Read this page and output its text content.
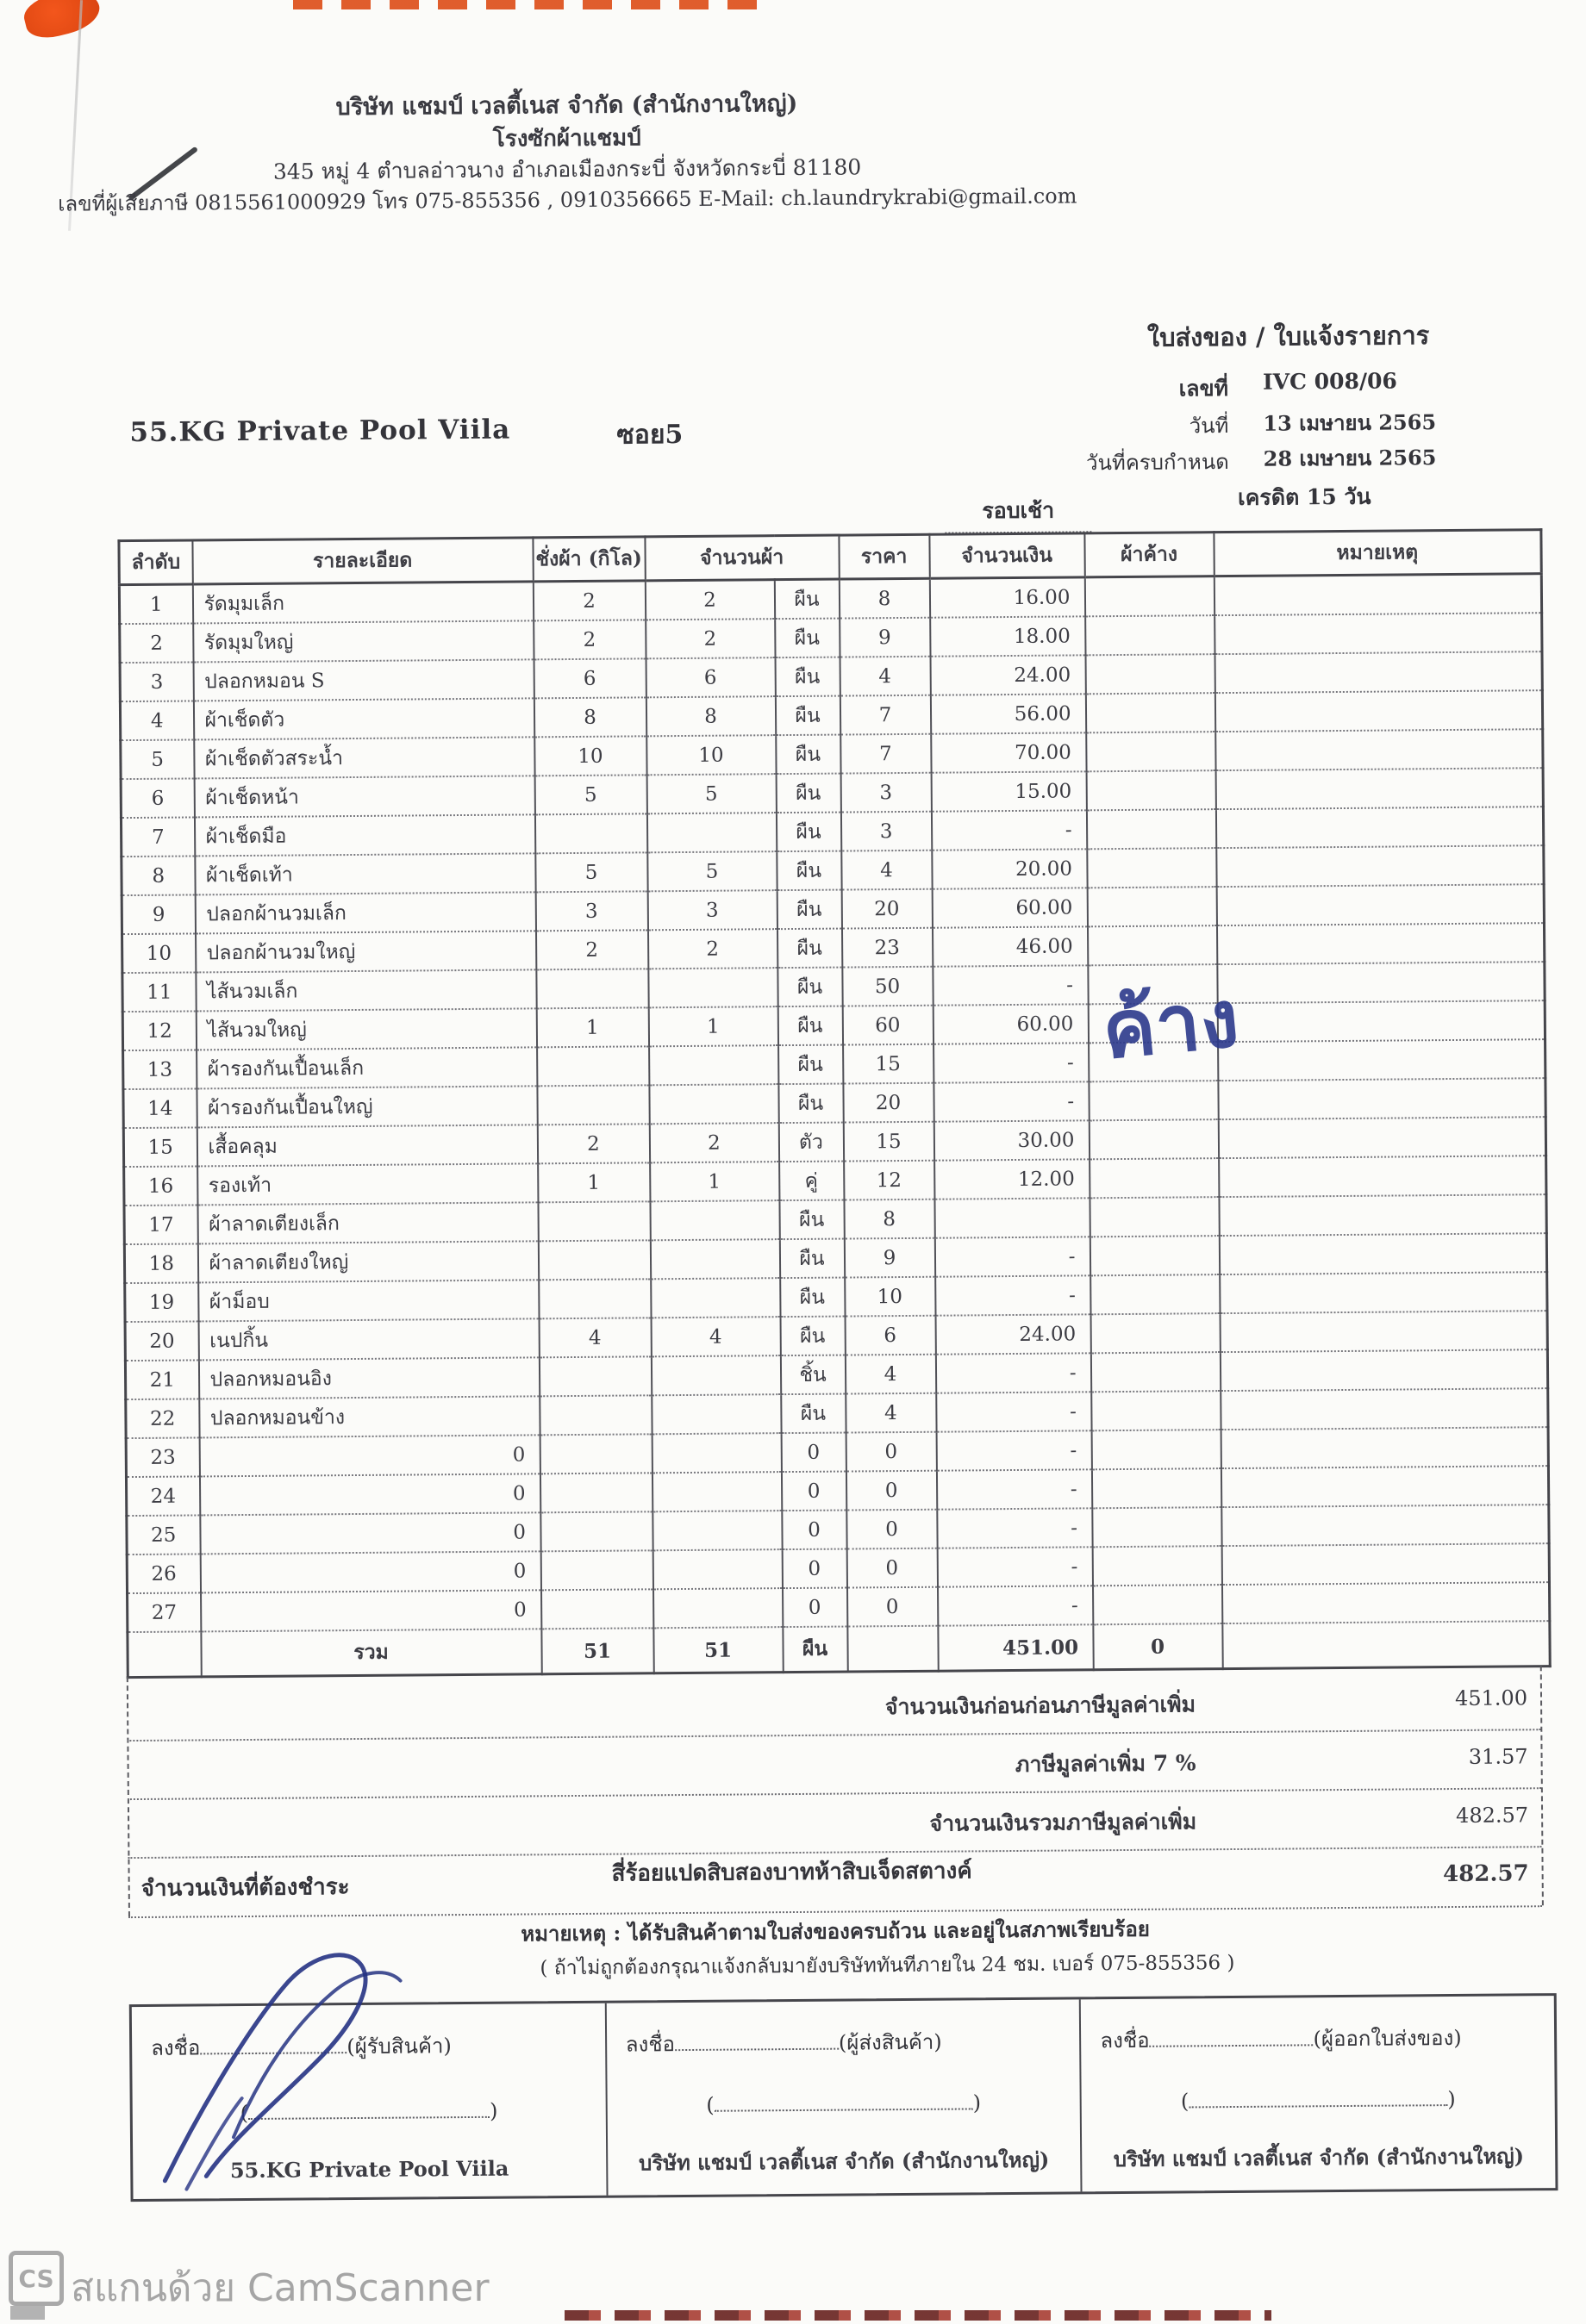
บริษัท แชมป์ เวลตี้เนส จำกัด (สำนักงานใหญ่)
โรงซักผ้าแชมป์
345 หมู่ 4 ตำบลอ่าวนาง อำเภอเมืองกระบี่ จังหวัดกระบี่ 81180
เลขที่ผู้เสียภาษี 0815561000929 โทร 075-855356 , 0910356665 E-Mail: ch.laundrykrabi@gmail.com
ใบส่งของ / ใบแจ้งรายการ
เลขที่ IVC 008/06
วันที่ 13 เมษายน 2565
วันที่ครบกำหนด 28 เมษายน 2565
เครดิต 15 วัน
รอบเช้า
55.KG Private Pool Viila	ซอย5
ลำดับ	รายละเอียด	ชั่งผ้า (กิโล)	จำนวนผ้า		ราคา	จำนวนเงิน	ผ้าค้าง	หมายเหตุ
1	รัดมุมเล็ก	2	2	ผืน	8	16.00		
2	รัดมุมใหญ่	2	2	ผืน	9	18.00		
3	ปลอกหมอน S	6	6	ผืน	4	24.00		
4	ผ้าเช็ดตัว	8	8	ผืน	7	56.00		
5	ผ้าเช็ดตัวสระน้ำ	10	10	ผืน	7	70.00		
6	ผ้าเช็ดหน้า	5	5	ผืน	3	15.00		
7	ผ้าเช็ดมือ			ผืน	3	-		
8	ผ้าเช็ดเท้า	5	5	ผืน	4	20.00		
9	ปลอกผ้านวมเล็ก	3	3	ผืน	20	60.00		
10	ปลอกผ้านวมใหญ่	2	2	ผืน	23	46.00		
11	ไส้นวมเล็ก			ผืน	50	-		
12	ไส้นวมใหญ่	1	1	ผืน	60	60.00		
13	ผ้ารองกันเปื้อนเล็ก			ผืน	15	-		
14	ผ้ารองกันเปื้อนใหญ่			ผืน	20	-		
15	เสื้อคลุม	2	2	ตัว	15	30.00		
16	รองเท้า	1	1	คู่	12	12.00		
17	ผ้าลาดเตียงเล็ก			ผืน	8			
18	ผ้าลาดเตียงใหญ่			ผืน	9	-		
19	ผ้าม็อบ			ผืน	10	-		
20	เนปกิ้น	4	4	ผืน	6	24.00		
21	ปลอกหมอนอิง			ชิ้น	4	-		
22	ปลอกหมอนข้าง			ผืน	4	-		
23	0			0	0	-		
24	0			0	0	-		
25	0			0	0	-		
26	0			0	0	-		
27	0			0	0	-		
	รวม	51	51	ผืน		451.00	0	
ค้าง
จำนวนเงินก่อนก่อนภาษีมูลค่าเพิ่ม	451.00
ภาษีมูลค่าเพิ่ม 7 %	31.57
จำนวนเงินรวมภาษีมูลค่าเพิ่ม	482.57
จำนวนเงินที่ต้องชำระ
สี่ร้อยแปดสิบสองบาทห้าสิบเจ็ดสตางค์	482.57
หมายเหตุ : ได้รับสินค้าตามใบส่งของครบถ้วน และอยู่ในสภาพเรียบร้อย
( ถ้าไม่ถูกต้องกรุณาแจ้งกลับมายังบริษัททันทีภายใน 24 ชม. เบอร์ 075-855356 )
ลงชื่อ	(ผู้รับสินค้า)
(	)
55.KG Private Pool Viila
ลงชื่อ	(ผู้ส่งสินค้า)
(	)
บริษัท แชมป์ เวลตี้เนส จำกัด (สำนักงานใหญ่)
ลงชื่อ	(ผู้ออกใบส่งของ)
(	)
บริษัท แชมป์ เวลตี้เนส จำกัด (สำนักงานใหญ่)
CS สแกนด้วย CamScanner
